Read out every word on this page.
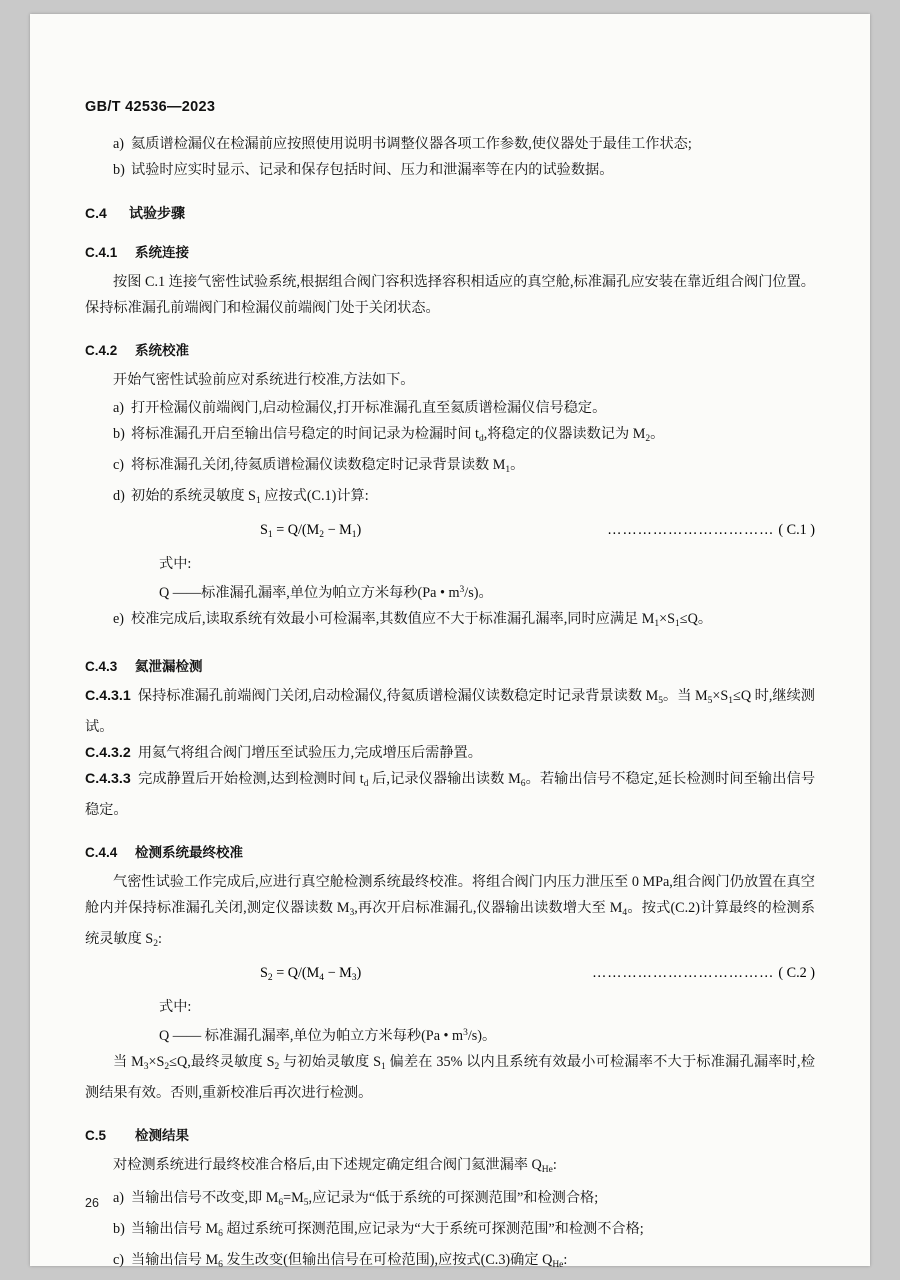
GB/T 42536—2023
a) 氦质谱检漏仪在检漏前应按照使用说明书调整仪器各项工作参数,使仪器处于最佳工作状态;
b) 试验时应实时显示、记录和保存包括时间、压力和泄漏率等在内的试验数据。
C.4 试验步骤
C.4.1 系统连接

按图 C.1 连接气密性试验系统,根据组合阀门容积选择容积相适应的真空舱,标准漏孔应安装在靠近组合阀门位置。保持标准漏孔前端阀门和检漏仪前端阀门处于关闭状态。

C.4.2 系统校准

开始气密性试验前应对系统进行校准,方法如下。

a) 打开检漏仪前端阀门,启动检漏仪,打开标准漏孔直至氦质谱检漏仪信号稳定。
b) 将标准漏孔开启至输出信号稳定的时间记录为检漏时间 $t_d$,将稳定的仪器读数记为 $M_2$。
c) 将标准漏孔关闭,待氦质谱检漏仪读数稳定时记录背景读数 $M_1$。
d) 初始的系统灵敏度 $S_1$ 应按式(C.1)计算:
$S_1 = Q/(M_2 - M_1)$	…………………………… ( C.1 )
式中:
Q ——标准漏孔漏率,单位为帕立方米每秒(Pa • $m^3/s$)。
e) 校准完成后,读取系统有效最小可检漏率,其数值应不大于标准漏孔漏率,同时应满足 $M_1\times S_1\le Q$。
C.4.3 氦泄漏检测

C.4.3.1 保持标准漏孔前端阀门关闭,启动检漏仪,待氦质谱检漏仪读数稳定时记录背景读数 $M_5$。当 $M_5\times S_1\le Q$ 时,继续测试。

C.4.3.2 用氦气将组合阀门增压至试验压力,完成增压后需静置。

C.4.3.3 完成静置后开始检测,达到检测时间 $t_d$ 后,记录仪器输出读数 $M_6$。若输出信号不稳定,延长检测时间至输出信号稳定。

C.4.4 检测系统最终校准

气密性试验工作完成后,应进行真空舱检测系统最终校准。将组合阀门内压力泄压至 0 MPa,组合阀门仍放置在真空舱内并保持标准漏孔关闭,测定仪器读数 $M_3$,再次开启标准漏孔,仪器输出读数增大至 $M_4$。按式(C.2)计算最终的检测系统灵敏度 $S_2$:

$S_2 = Q/(M_4 - M_3)$	……………………………… ( C.2 )
式中:
Q —— 标准漏孔漏率,单位为帕立方米每秒(Pa • $m^3/s$)。

当 $M_3\times S_2\le Q$,最终灵敏度 $S_2$ 与初始灵敏度 $S_1$ 偏差在 35% 以内且系统有效最小可检漏率不大于标准漏孔漏率时,检测结果有效。否则,重新校准后再次进行检测。

C.5 检测结果

对检测系统进行最终校准合格后,由下述规定确定组合阀门氦泄漏率 $Q_{He}$:

a) 当输出信号不改变,即 $M_6=M_5$,应记录为“低于系统的可探测范围”和检测合格;
b) 当输出信号 $M_6$ 超过系统可探测范围,应记录为“大于系统可探测范围”和检测不合格;
c) 当输出信号 $M_6$ 发生改变(但输出信号在可检范围),应按式(C.3)确定 $Q_{He}$:
26
